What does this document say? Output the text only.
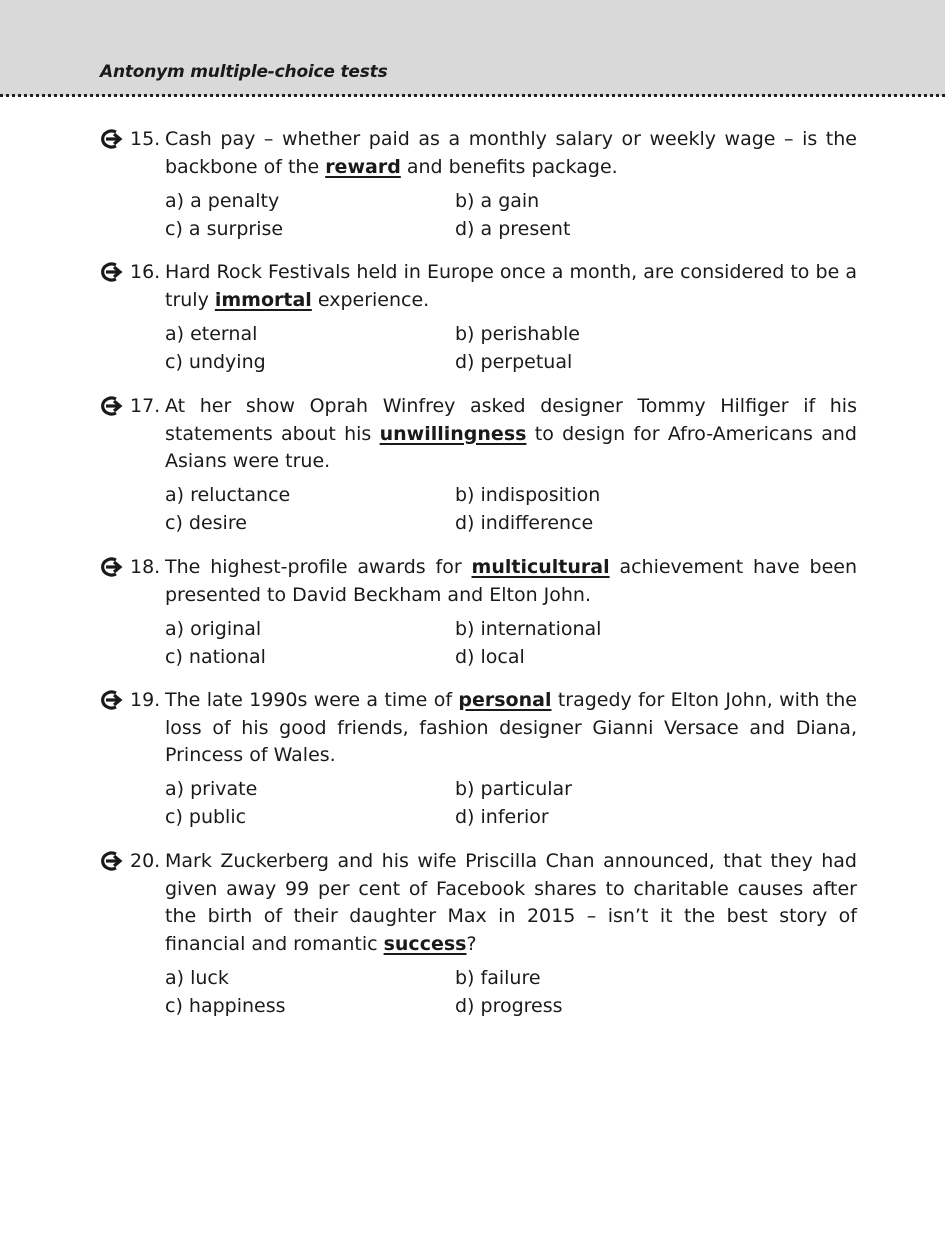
Antonym multiple-choice tests
15. Cash pay – whether paid as a monthly salary or weekly wage – is the backbone of the reward and benefits package.

a) a penalty	b) a gain
c) a surprise	d) a present
16. Hard Rock Festivals held in Europe once a month, are considered to be a truly immortal experience.

a) eternal	b) perishable
c) undying	d) perpetual
17. At her show Oprah Winfrey asked designer Tommy Hilfiger if his statements about his unwillingness to design for Afro-Americans and Asians were true.

a) reluctance	b) indisposition
c) desire	d) indifference
18. The highest-profile awards for multicultural achievement have been presented to David Beckham and Elton John.

a) original	b) international
c) national	d) local
19. The late 1990s were a time of personal tragedy for Elton John, with the loss of his good friends, fashion designer Gianni Versace and Diana, Princess of Wales.

a) private	b) particular
c) public	d) inferior
20. Mark Zuckerberg and his wife Priscilla Chan announced, that they had given away 99 per cent of Facebook shares to charitable causes after the birth of their daughter Max in 2015 – isn’t it the best story of financial and romantic success?

a) luck	b) failure
c) happiness	d) progress
